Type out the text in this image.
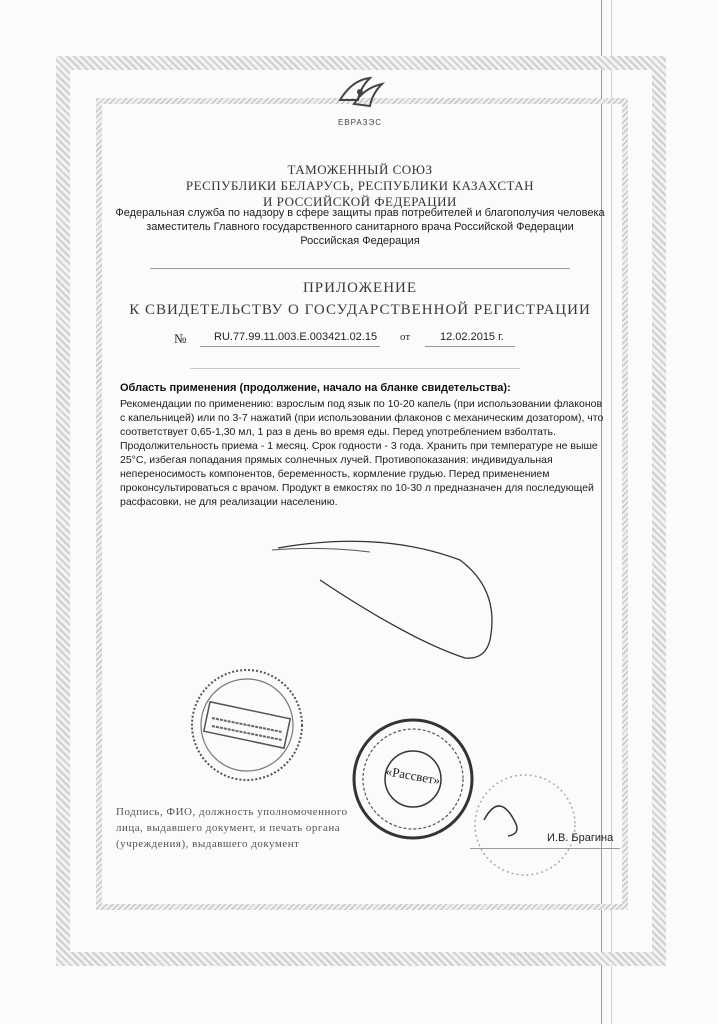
ЕВРАЗЭС
ТАМОЖЕННЫЙ СОЮЗ
РЕСПУБЛИКИ БЕЛАРУСЬ, РЕСПУБЛИКИ КАЗАХСТАН
И РОССИЙСКОЙ ФЕДЕРАЦИИ
Федеральная служба по надзору в сфере защиты прав потребителей и благополучия человека
заместитель Главного государственного санитарного врача Российской Федерации
Российская Федерация
ПРИЛОЖЕНИЕ
К СВИДЕТЕЛЬСТВУ О ГОСУДАРСТВЕННОЙ РЕГИСТРАЦИИ
№	RU.77.99.11.003.E.003421.02.15 от	12.02.2015 г.
Область применения (продолжение, начало на бланке свидетельства):
Рекомендации по применению: взрослым под язык по 10-20 капель (при использовании флаконов
с капельницей) или по 3-7 нажатий (при использовании флаконов с механическим дозатором), что
соответствует 0,65-1,30 мл, 1 раз в день во время еды. Перед употреблением взболтать.
Продолжительность приема - 1 месяц. Срок годности - 3 года. Хранить при температуре не выше
25°С, избегая попадания прямых солнечных лучей. Противопоказания: индивидуальная
непереносимость компонентов, беременность, кормление грудью. Перед применением
проконсультироваться с врачом. Продукт в емкостях по 10-30 л предназначен для последующей
расфасовки, не для реализации населению.
«Рассвет»
Подпись, ФИО, должность уполномоченного
лица, выдавшего документ, и печать органа
(учреждения), выдавшего документ	И.В. Брагина
· · · · · · · · · · · · · · · · · · · · ·
